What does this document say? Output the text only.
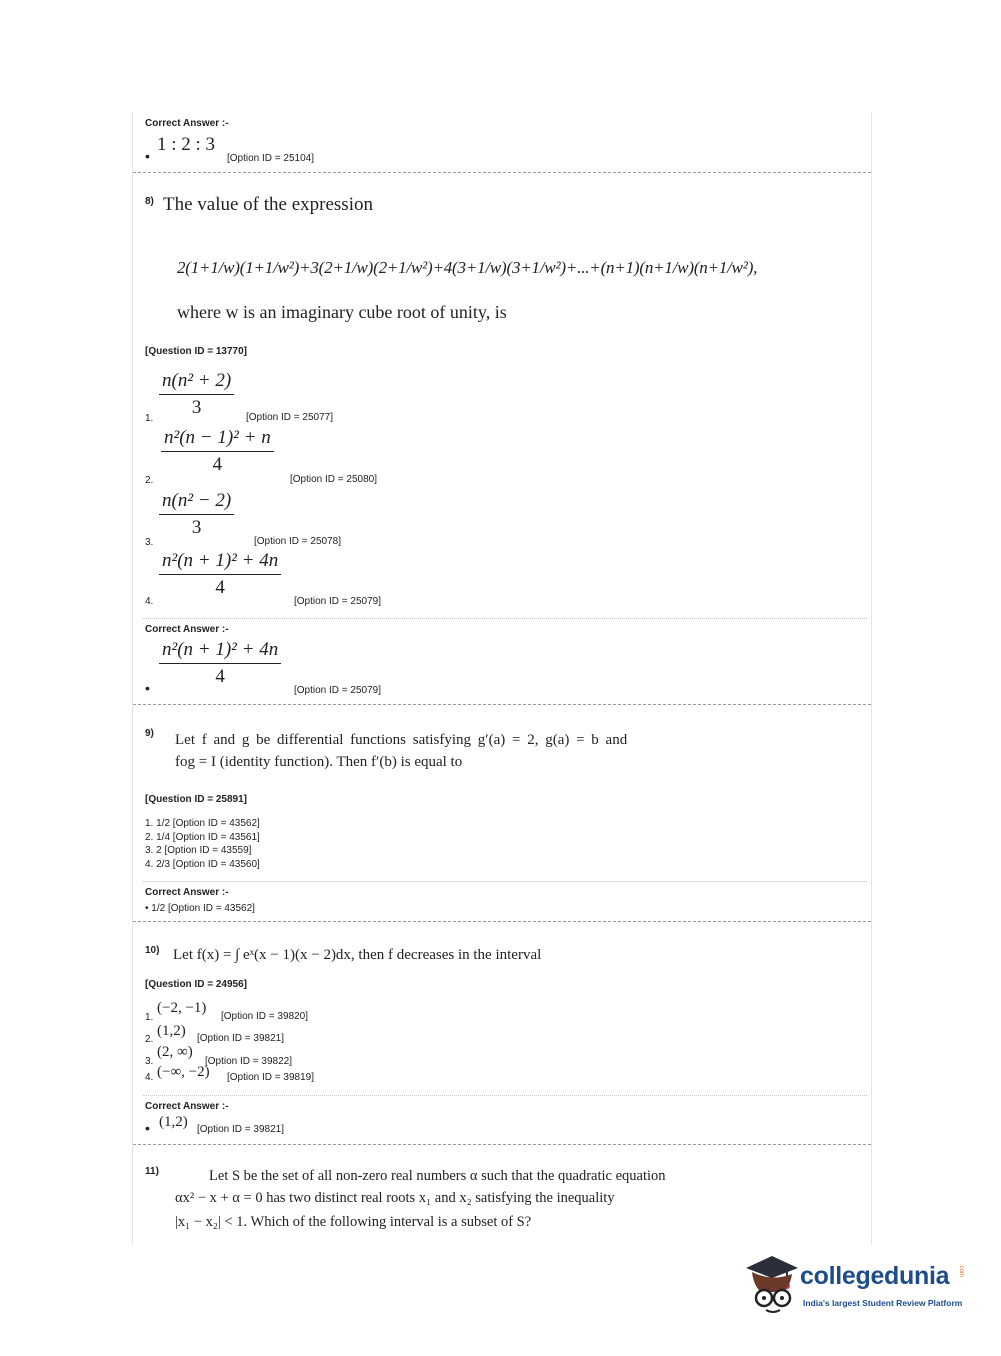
Correct Answer :-
•
1 : 2 : 3
[Option ID = 25104]
8) The value of the expression
2(1+1/w)(1+1/w²)+3(2+1/w)(2+1/w²)+4(3+1/w)(3+1/w²)+...+(n+1)(n+1/w)(n+1/w²),
where w is an imaginary cube root of unity, is
[Question ID = 13770]
1. $\frac{\text{n(n² + 2)}}{3}$ [Option ID = 25077]
2.
$\frac{\text{n²(n − 1)² + n}}{4}$
[Option ID = 25080]
3.
$\frac{\text{n(n² − 2)}}{3}$
[Option ID = 25078]
4.
$\frac{\text{n²(n + 1)² + 4n}}{4}$
[Option ID = 25079]
Correct Answer :-
• $\frac{\text{n²(n + 1)² + 4n}}{4}$
[Option ID = 25079]
9) Let f and g be differential functions satisfying g′(a) = 2, g(a) = b and
fog = I (identity function). Then f′(b) is equal to
[Question ID = 25891]
1. 1/2 [Option ID = 43562]
2. 1/4 [Option ID = 43561]
3. 2 [Option ID = 43559]
4. 2/3 [Option ID = 43560]
Correct Answer :-
• 1/2 [Option ID = 43562]
10) Let f(x) = ∫ eˣ(x − 1)(x − 2)dx, then f decreases in the interval
[Question ID = 24956]
1.
(−2, −1)
[Option ID = 39820]
2.
(1,2) [Option ID = 39821]
3.
(2, ∞)
[Option ID = 39822]
4. (−∞, −2) [Option ID = 39819]
Correct Answer :-
• (1,2) [Option ID = 39821]
11)	Let S be the set of all non-zero real numbers α such that the quadratic equation
αx² − x + α = 0 has two distinct real roots x₁ and x₂ satisfying the inequality
|x₁ − x₂| < 1. Which of the following interval is a subset of S?
collegedunia .com
India's largest Student Review Platform
